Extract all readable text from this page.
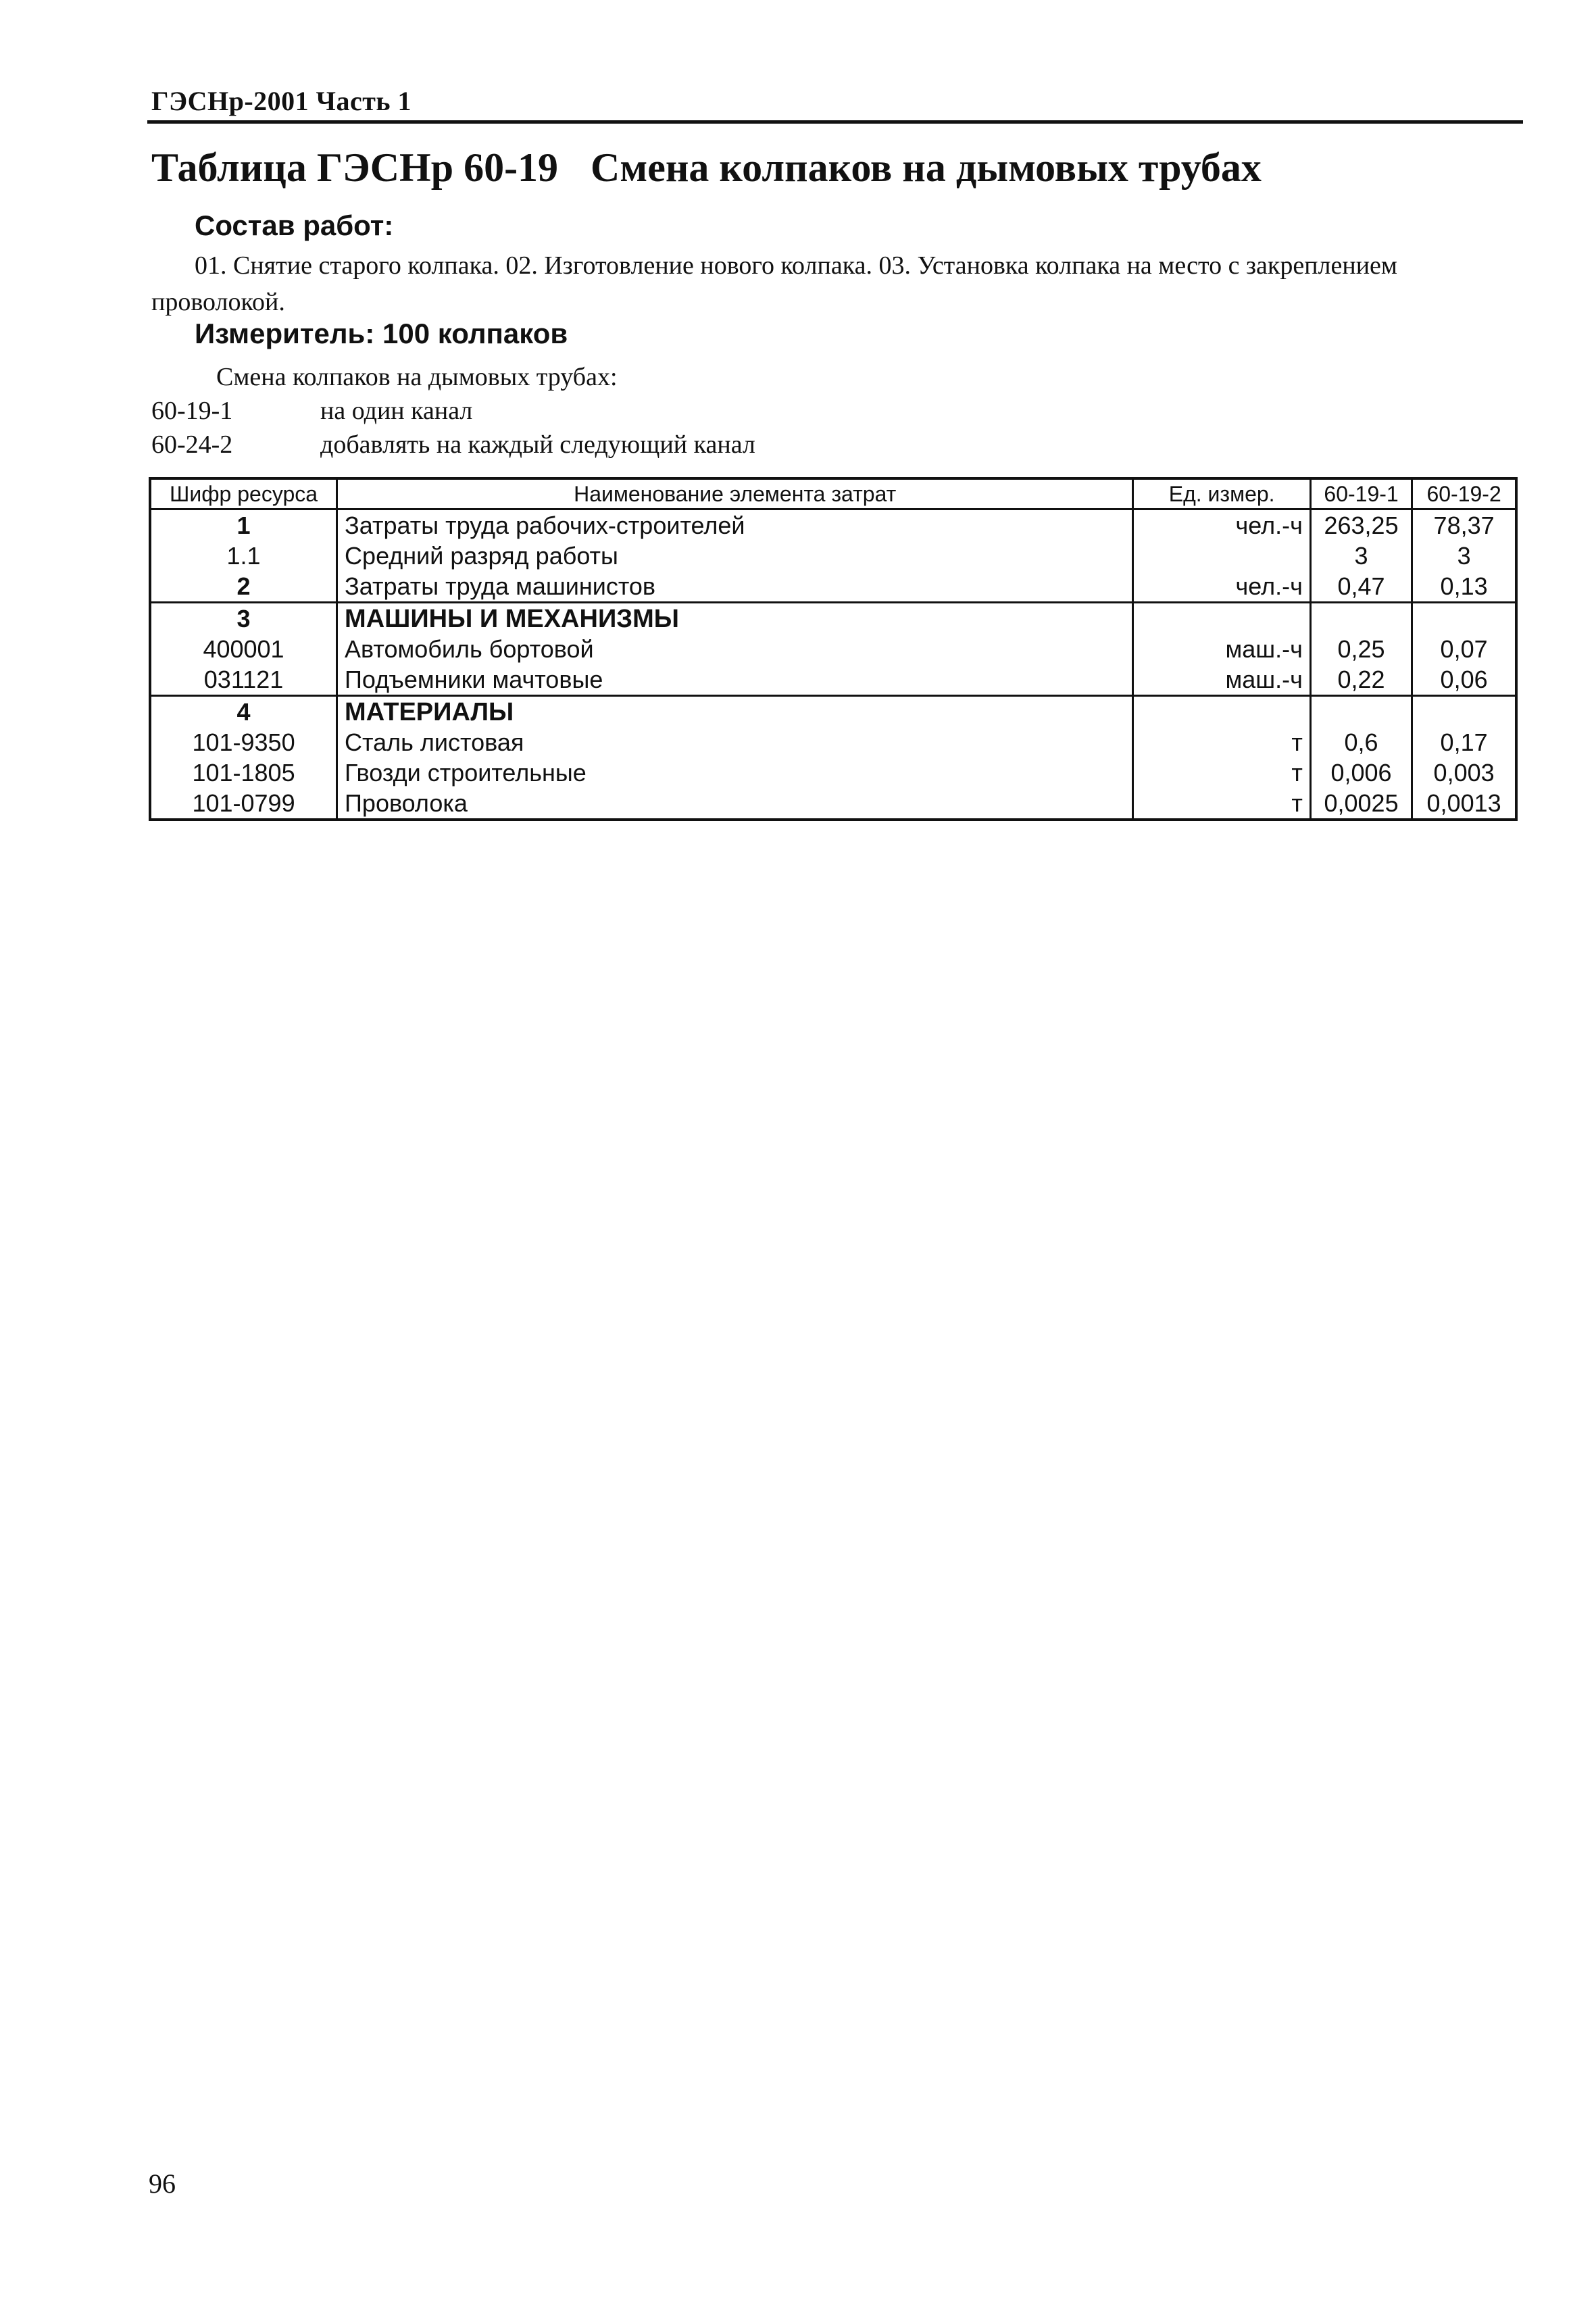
ГЭСНр-2001 Часть 1
Таблица ГЭСНр 60-19 Смена колпаков на дымовых трубах
Состав работ:
01. Снятие старого колпака. 02. Изготовление нового колпака. 03. Установка колпака на место с закреплением проволокой.
Измеритель: 100 колпаков
Смена колпаков на дымовых трубах:
60-19-1	на один канал
60-24-2	добавлять на каждый следующий канал
Шифр ресурса	Наименование элемента затрат	Ед. измер.	60-19-1	60-19-2
1	Затраты труда рабочих-строителей	чел.-ч	263,25	78,37
1.1	Средний разряд работы		3	3
2	Затраты труда машинистов	чел.-ч	0,47	0,13
3	МАШИНЫ И МЕХАНИЗМЫ			
400001	Автомобиль бортовой	маш.-ч	0,25	0,07
031121	Подъемники мачтовые	маш.-ч	0,22	0,06
4	МАТЕРИАЛЫ			
101-9350	Сталь листовая	т	0,6	0,17
101-1805	Гвозди строительные	т	0,006	0,003
101-0799	Проволока	т	0,0025	0,0013
96
